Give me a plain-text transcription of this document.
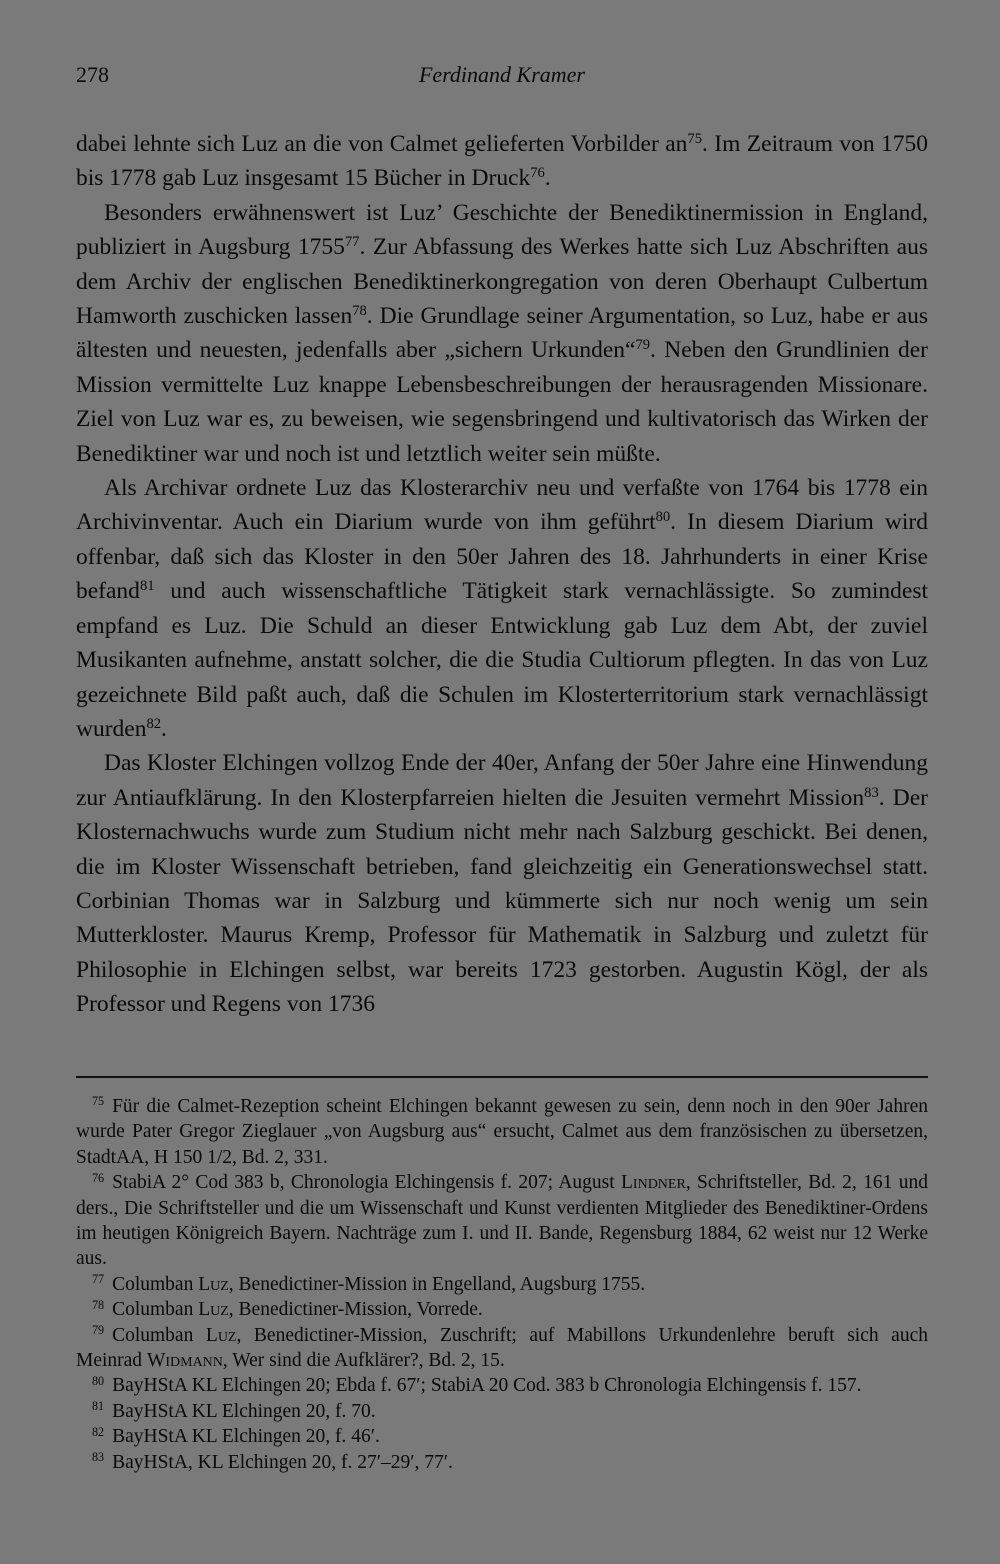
278	Ferdinand Kramer

dabei lehnte sich Luz an die von Calmet gelieferten Vorbilder $an^{75}$. Im Zeitraum von 1750 bis 1778 gab Luz insgesamt 15 Bücher in Druck$^{76}$.

Besonders erwähnenswert ist Luz’ Geschichte der Benediktinermission in England, publiziert in Augsburg 1755$^{77}$. Zur Abfassung des Werkes hatte sich Luz Abschriften aus dem Archiv der englischen Benediktinerkongregation von deren Oberhaupt Culbertum Hamworth zuschicken lassen$^{78}$. Die Grundlage seiner Argumentation, so Luz, habe er aus ältesten und neuesten, jedenfalls aber „sichern Urkunden“$^{79}$. Neben den Grundlinien der Mission vermittelte Luz knappe Lebensbeschreibungen der herausragenden Missionare. Ziel von Luz war es, zu beweisen, wie segensbringend und kultivatorisch das Wirken der Benediktiner war und noch ist und letztlich weiter sein müßte.

Als Archivar ordnete Luz das Klosterarchiv neu und verfaßte von 1764 bis 1778 ein Archivinventar. Auch ein Diarium wurde von ihm geführt$^{80}$. In diesem Diarium wird offenbar, daß sich das Kloster in den 50er Jahren des 18. Jahrhunderts in einer Krise befand$^{81}$ und auch wissenschaftliche Tätigkeit stark vernachlässigte. So zumindest empfand es Luz. Die Schuld an dieser Entwicklung gab Luz dem Abt, der zuviel Musikanten aufnehme, anstatt solcher, die die Studia Cultiorum pflegten. In das von Luz gezeichnete Bild paßt auch, daß die Schulen im Klosterterritorium stark vernachlässigt wurden$^{82}$.

Das Kloster Elchingen vollzog Ende der 40er, Anfang der 50er Jahre eine Hinwendung zur Antiaufklärung. In den Klosterpfarreien hielten die Jesuiten vermehrt Mission$^{83}$. Der Klosternachwuchs wurde zum Studium nicht mehr nach Salzburg geschickt. Bei denen, die im Kloster Wissenschaft betrieben, fand gleichzeitig ein Generationswechsel statt. Corbinian Thomas war in Salzburg und kümmerte sich nur noch wenig um sein Mutterkloster. Maurus Kremp, Professor für Mathematik in Salzburg und zuletzt für Philosophie in Elchingen selbst, war bereits 1723 gestorben. Augustin Kögl, der als Professor und Regens von 1736

$^{75}$ Für die Calmet-Rezeption scheint Elchingen bekannt gewesen zu sein, denn noch in den 90er Jahren wurde Pater Gregor Zieglauer „von Augsburg aus“ ersucht, Calmet aus dem französischen zu übersetzen, StadtAA, H 150 1/2, Bd. 2, 331.

$^{76}$ StabiA 2° Cod 383 b, Chronologia Elchingensis f. 207; August Lindner, Schriftsteller, Bd. 2, 161 und ders., Die Schriftsteller und die um Wissenschaft und Kunst verdienten Mitglieder des Benediktiner-Ordens im heutigen Königreich Bayern. Nachträge zum I. und II. Bande, Regensburg 1884, 62 weist nur 12 Werke aus.

$^{77}$ Columban Luz, Benedictiner-Mission in Engelland, Augsburg 1755.

$^{78}$ Columban Luz, Benedictiner-Mission, Vorrede.

$^{79}$ Columban Luz, Benedictiner-Mission, Zuschrift; auf Mabillons Urkundenlehre beruft sich auch Meinrad Widmann, Wer sind die Aufklärer?, Bd. 2, 15.

$^{80}$ BayHStA KL Elchingen 20; Ebda f. 67′; StabiA 20 Cod. 383 b Chronologia Elchingensis f. 157.

$^{81}$ BayHStA KL Elchingen 20, f. 70.

$^{82}$ BayHStA KL Elchingen 20, f. 46′.

$^{83}$ BayHStA, KL Elchingen 20, f. 27′–29′, 77′.
